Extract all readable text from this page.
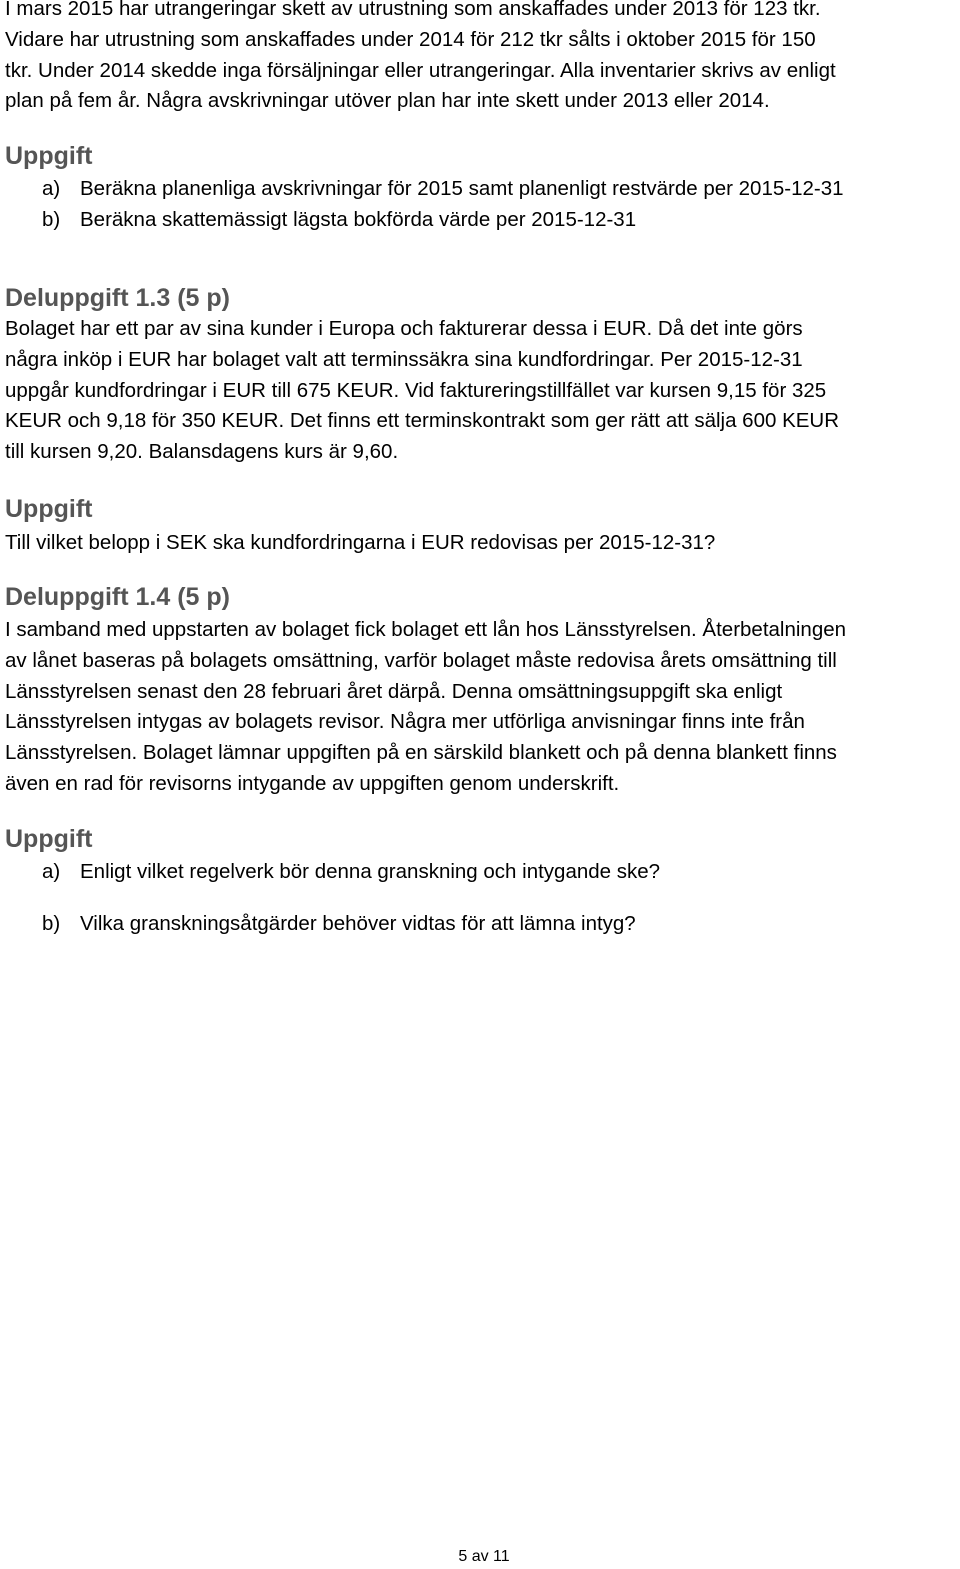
I mars 2015 har utrangeringar skett av utrustning som anskaffades under 2013 för 123 tkr.
Vidare har utrustning som anskaffades under 2014 för 212 tkr sålts i oktober 2015 för 150
tkr. Under 2014 skedde inga försäljningar eller utrangeringar. Alla inventarier skrivs av enligt
plan på fem år. Några avskrivningar utöver plan har inte skett under 2013 eller 2014.

Uppgift
a) Beräkna planenliga avskrivningar för 2015 samt planenligt restvärde per 2015-12-31
b) Beräkna skattemässigt lägsta bokförda värde per 2015-12-31
Deluppgift 1.3 (5 p)

Bolaget har ett par av sina kunder i Europa och fakturerar dessa i EUR. Då det inte görs
några inköp i EUR har bolaget valt att terminssäkra sina kundfordringar. Per 2015-12-31
uppgår kundfordringar i EUR till 675 KEUR. Vid faktureringstillfället var kursen 9,15 för 325
KEUR och 9,18 för 350 KEUR. Det finns ett terminskontrakt som ger rätt att sälja 600 KEUR
till kursen 9,20. Balansdagens kurs är 9,60.

Uppgift

Till vilket belopp i SEK ska kundfordringarna i EUR redovisas per 2015-12-31?

Deluppgift 1.4 (5 p)

I samband med uppstarten av bolaget fick bolaget ett lån hos Länsstyrelsen. Återbetalningen
av lånet baseras på bolagets omsättning, varför bolaget måste redovisa årets omsättning till
Länsstyrelsen senast den 28 februari året därpå. Denna omsättningsuppgift ska enligt
Länsstyrelsen intygas av bolagets revisor. Några mer utförliga anvisningar finns inte från
Länsstyrelsen. Bolaget lämnar uppgiften på en särskild blankett och på denna blankett finns
även en rad för revisorns intygande av uppgiften genom underskrift.

Uppgift
a) Enligt vilket regelverk bör denna granskning och intygande ske?
b) Vilka granskningsåtgärder behöver vidtas för att lämna intyg?
5 av 11
